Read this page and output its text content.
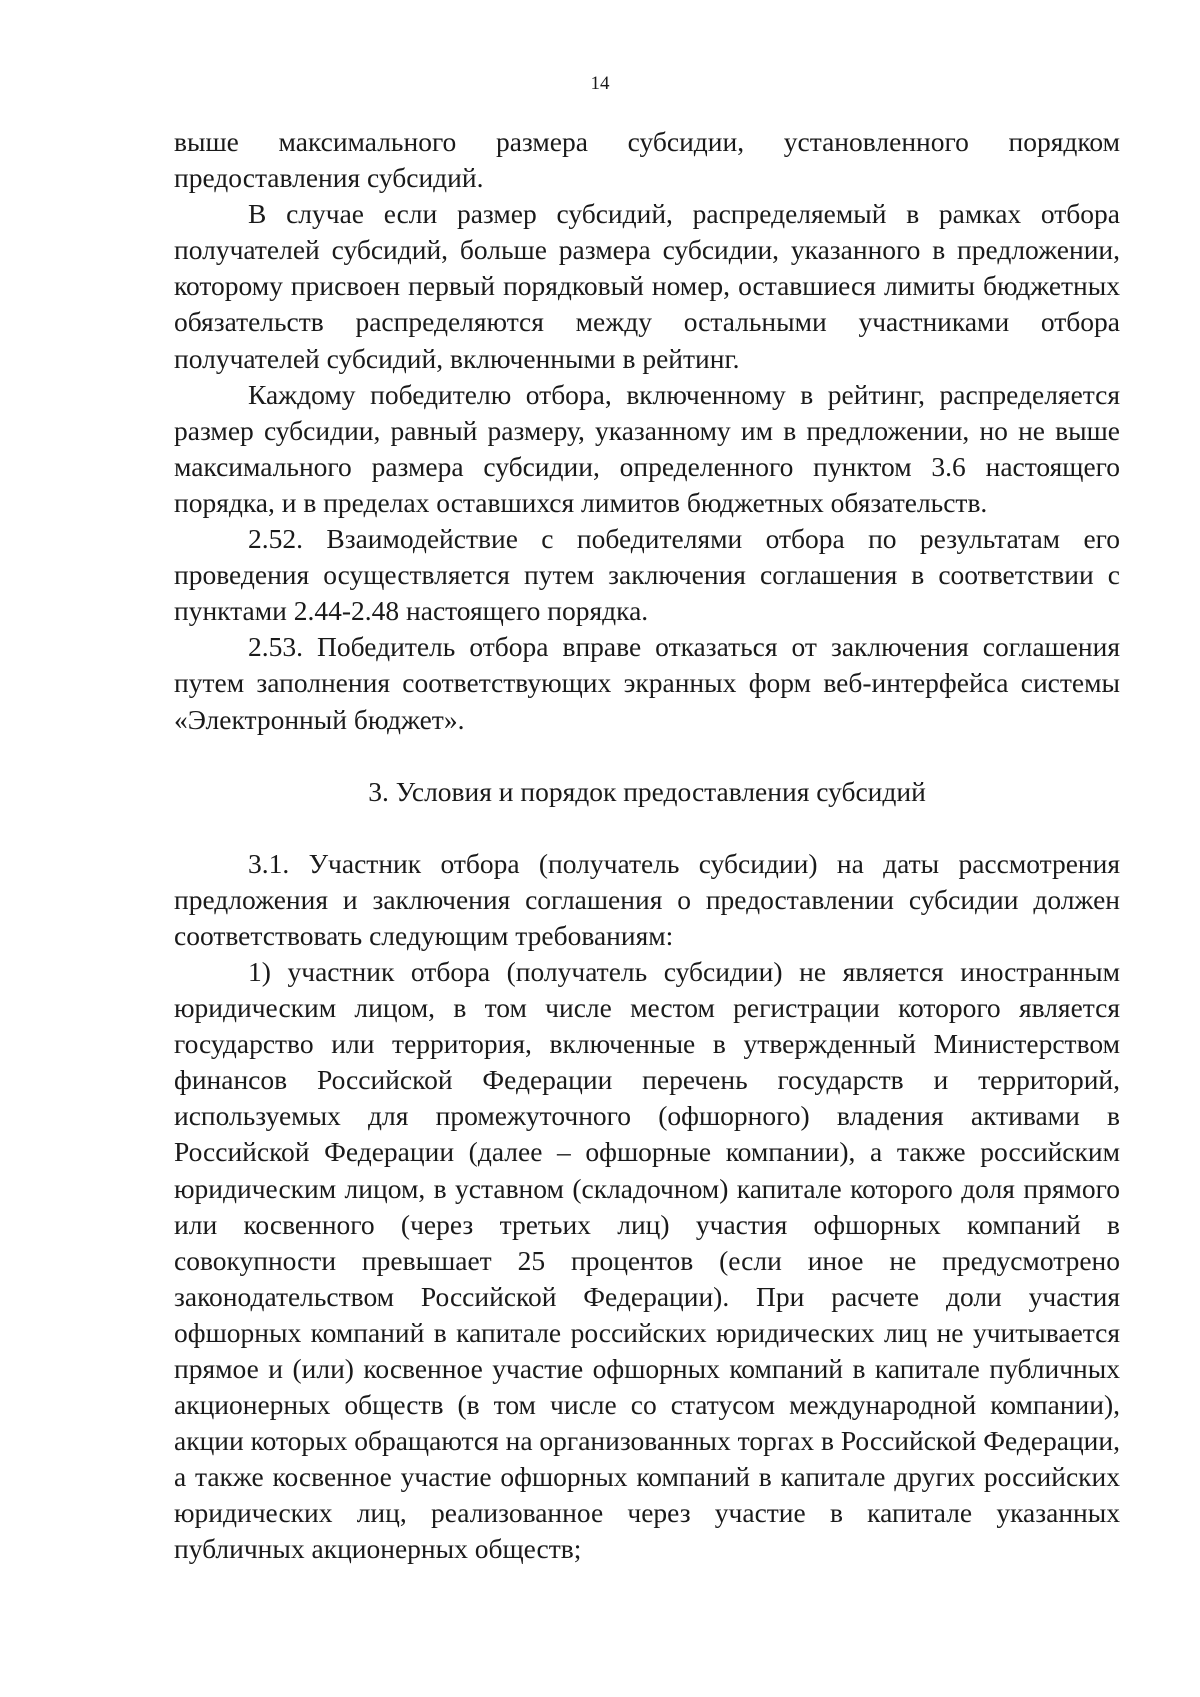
14

выше максимального размера субсидии, установленного порядком предоставления субсидий.

В случае если размер субсидий, распределяемый в рамках отбора получателей субсидий, больше размера субсидии, указанного в предложении, которому присвоен первый порядковый номер, оставшиеся лимиты бюджетных обязательств распределяются между остальными участниками отбора получателей субсидий, включенными в рейтинг.

Каждому победителю отбора, включенному в рейтинг, распределяется размер субсидии, равный размеру, указанному им в предложении, но не выше максимального размера субсидии, определенного пунктом 3.6 настоящего порядка, и в пределах оставшихся лимитов бюджетных обязательств.

2.52. Взаимодействие с победителями отбора по результатам его проведения осуществляется путем заключения соглашения в соответствии с пунктами 2.44-2.48 настоящего порядка.

2.53. Победитель отбора вправе отказаться от заключения соглашения путем заполнения соответствующих экранных форм веб-интерфейса системы «Электронный бюджет».

3. Условия и порядок предоставления субсидий

3.1. Участник отбора (получатель субсидии) на даты рассмотрения предложения и заключения соглашения о предоставлении субсидии должен соответствовать следующим требованиям:

1) участник отбора (получатель субсидии) не является иностранным юридическим лицом, в том числе местом регистрации которого является государство или территория, включенные в утвержденный Министерством финансов Российской Федерации перечень государств и территорий, используемых для промежуточного (офшорного) владения активами в Российской Федерации (далее – офшорные компании), а также российским юридическим лицом, в уставном (складочном) капитале которого доля прямого или косвенного (через третьих лиц) участия офшорных компаний в совокупности превышает 25 процентов (если иное не предусмотрено законодательством Российской Федерации). При расчете доли участия офшорных компаний в капитале российских юридических лиц не учитывается прямое и (или) косвенное участие офшорных компаний в капитале публичных акционерных обществ (в том числе со статусом международной компании), акции которых обращаются на организованных торгах в Российской Федерации, а также косвенное участие офшорных компаний в капитале других российских юридических лиц, реализованное через участие в капитале указанных публичных акционерных обществ;
